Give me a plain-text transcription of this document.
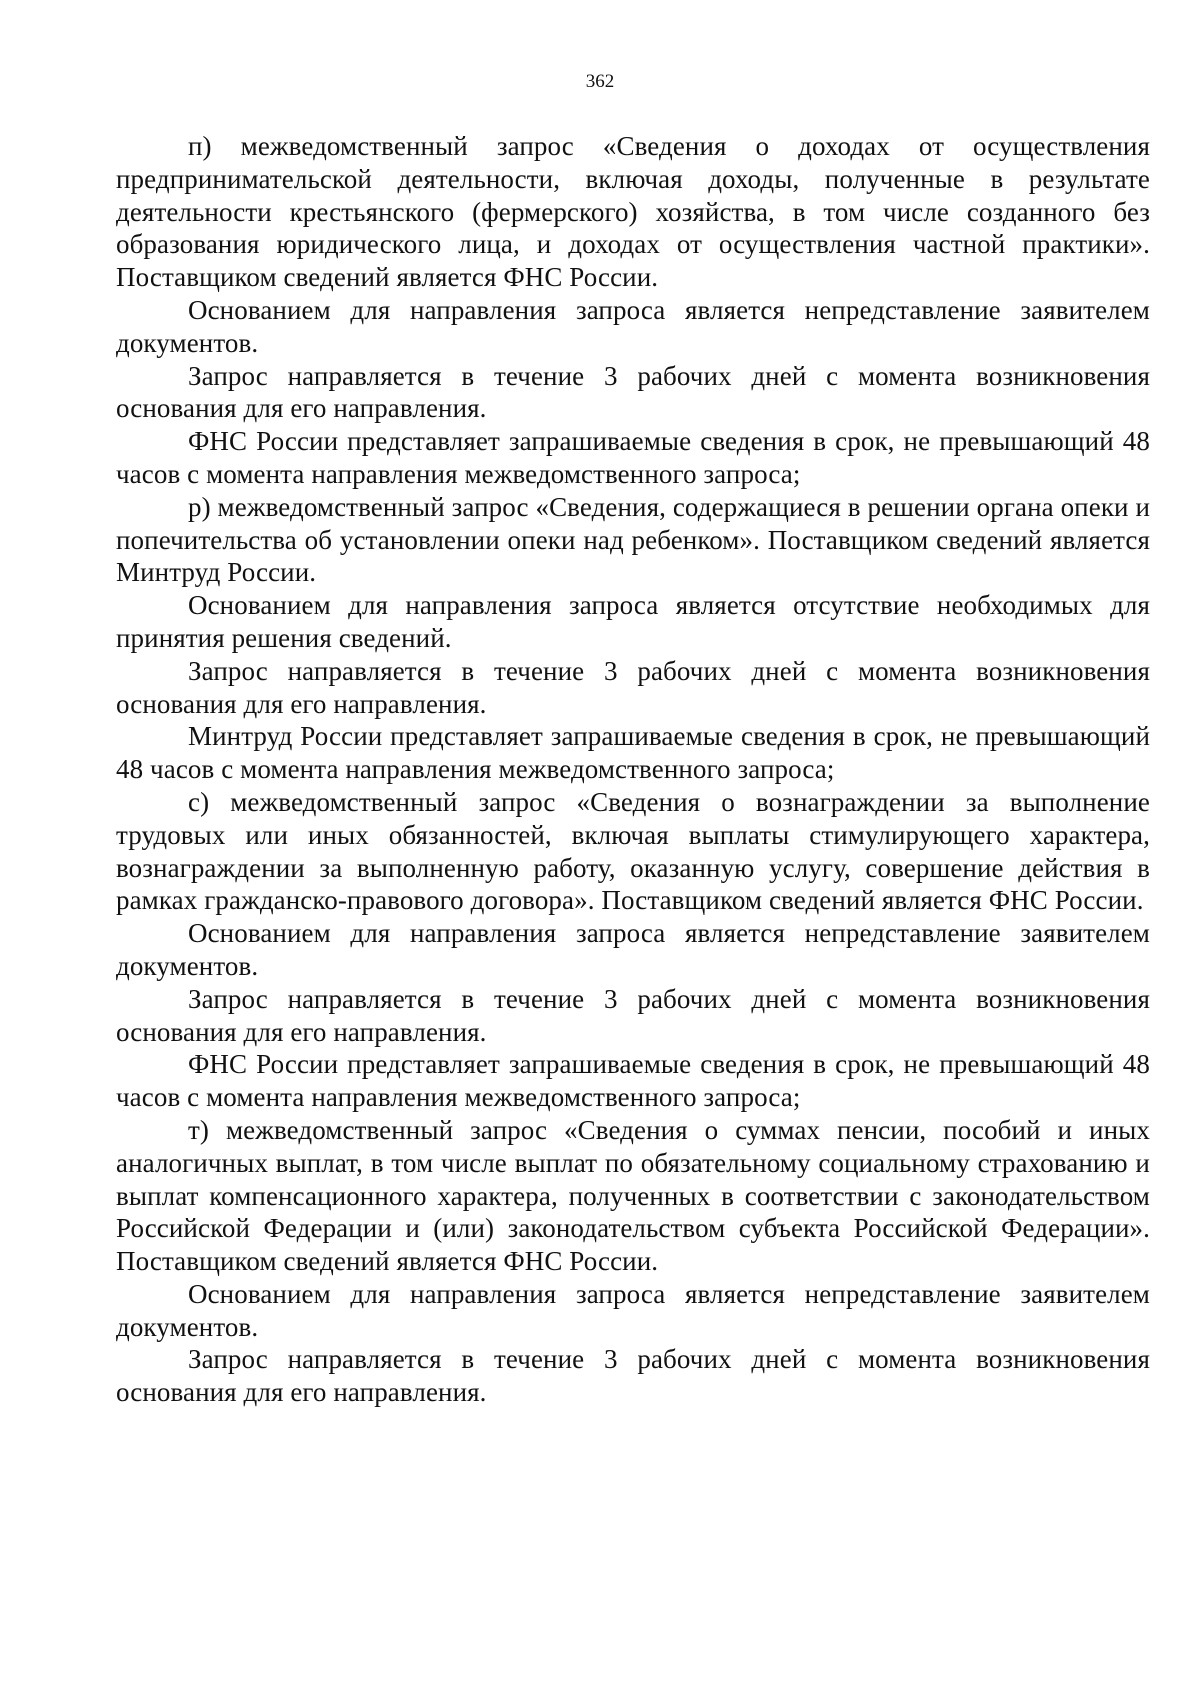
362

п) межведомственный запрос «Сведения о доходах от осуществления предпринимательской деятельности, включая доходы, полученные в результате деятельности крестьянского (фермерского) хозяйства, в том числе созданного без образования юридического лица, и доходах от осуществления частной практики». Поставщиком сведений является ФНС России.

Основанием для направления запроса является непредставление заявителем документов.

Запрос направляется в течение 3 рабочих дней с момента возникновения основания для его направления.

ФНС России представляет запрашиваемые сведения в срок, не превышающий 48 часов с момента направления межведомственного запроса;

р) межведомственный запрос «Сведения, содержащиеся в решении органа опеки и попечительства об установлении опеки над ребенком». Поставщиком сведений является Минтруд России.

Основанием для направления запроса является отсутствие необходимых для принятия решения сведений.

Запрос направляется в течение 3 рабочих дней с момента возникновения основания для его направления.

Минтруд России представляет запрашиваемые сведения в срок, не превышающий 48 часов с момента направления межведомственного запроса;

с) межведомственный запрос «Сведения о вознаграждении за выполнение трудовых или иных обязанностей, включая выплаты стимулирующего характера, вознаграждении за выполненную работу, оказанную услугу, совершение действия в рамках гражданско-правового договора». Поставщиком сведений является ФНС России.

Основанием для направления запроса является непредставление заявителем документов.

Запрос направляется в течение 3 рабочих дней с момента возникновения основания для его направления.

ФНС России представляет запрашиваемые сведения в срок, не превышающий 48 часов с момента направления межведомственного запроса;

т) межведомственный запрос «Сведения о суммах пенсии, пособий и иных аналогичных выплат, в том числе выплат по обязательному социальному страхованию и выплат компенсационного характера, полученных в соответствии с законодательством Российской Федерации и (или) законодательством субъекта Российской Федерации». Поставщиком сведений является ФНС России.

Основанием для направления запроса является непредставление заявителем документов.

Запрос направляется в течение 3 рабочих дней с момента возникновения основания для его направления.
